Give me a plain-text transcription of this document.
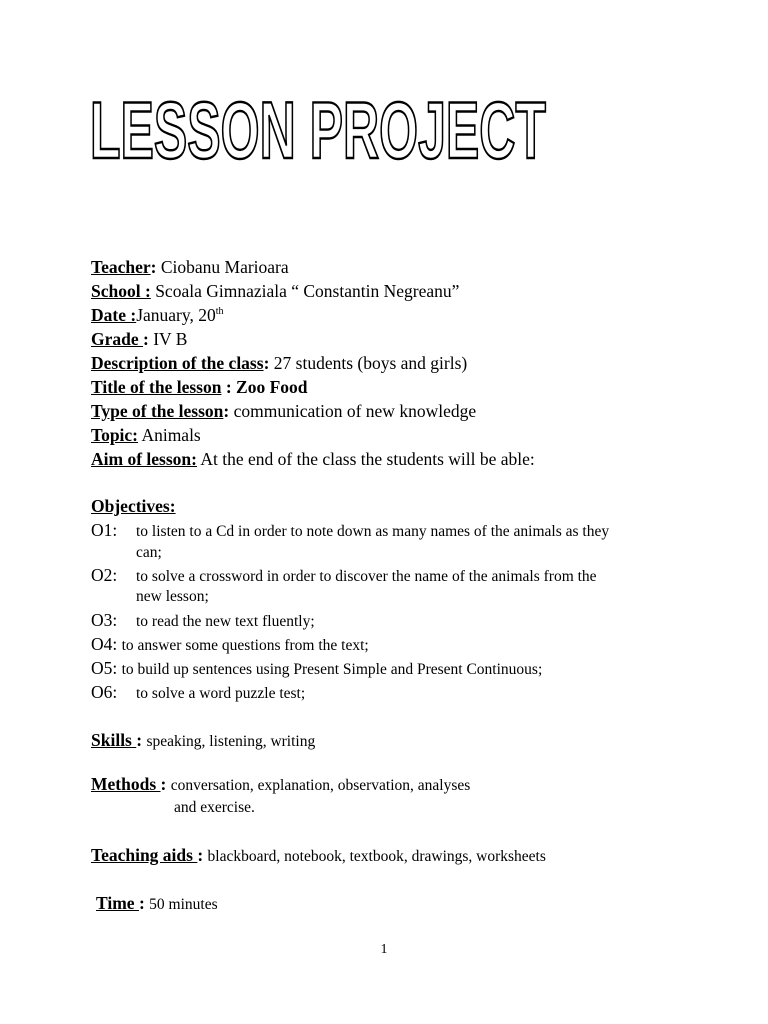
LESSON PROJECT
Teacher: Ciobanu Marioara
School : Scoala Gimnaziala “ Constantin Negreanu”
Date :January, 20th
Grade : IV B
Description of the class: 27 students (boys and girls)
Title of the lesson : Zoo Food
Type of the lesson: communication of new knowledge
Topic: Animals
Aim of lesson: At the end of the class the students will be able:
Objectives:
O1: to listen to a Cd in order to note down as many names of the animals as they
can;
O2: to solve a crossword in order to discover the name of the animals from the
new lesson;
O3: to read the new text fluently;
O4: to answer some questions from the text;
O5: to build up sentences using Present Simple and Present Continuous;
O6: to solve a word puzzle test;
Skills : speaking, listening, writing
Methods : conversation, explanation, observation, analyses
and exercise.
Teaching aids : blackboard, notebook, textbook, drawings, worksheets
Time : 50 minutes
1
